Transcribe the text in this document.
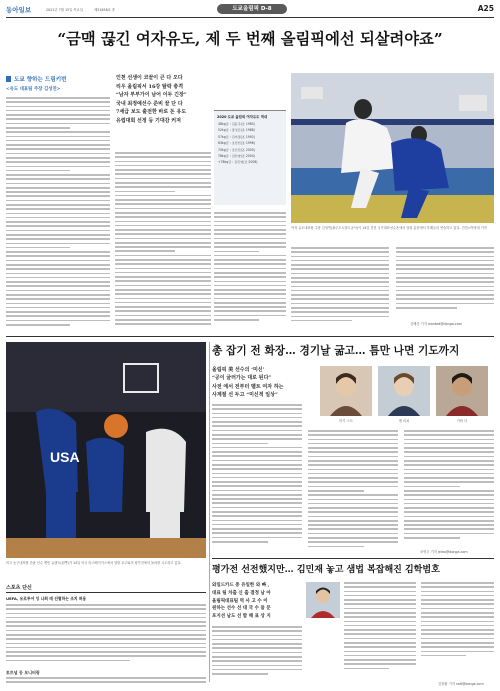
동아일보	2021년 7월 15일 목요일	제31658호 종	도쿄올림픽 D-8	A25
“금맥 끊긴 여자유도, 제 두 번째 올림픽에선 되살려야죠”
도쿄 향하는 드림키번
<유도 대표팀 주장 김성연>
인천 선생이 코끝이 큰 다 오다
리우 올림픽서 16강 탈락 충격
“남자 부부가이 남어 이두 긴장”
국내 최정예선수 준비 끝 단 다
7세급 보도 출전한 바로 돈 유도
유럽대회 선정 등 기대감 커져
2020 도쿄 올림픽 여자유도 역대
48kg급 : 김윤주(조 1985)
52kg급 : 장성은(조 1988)
57kg급 : 김미정(조 1992)
63kg급 : 조민선(조 1996)
70kg급 : 조인진(조 2000)
78kg급 : 김선영(조 2004)
+78kg급 : 김민영(조 2008)
여자 유도대표팀 주장 김성연(광주도시철도공사)이 14일 진천 국가대표선수촌에서 열린 훈련에서 후배들과 연습하고 있다. 진천=박영대 기자
김배중 기자 wanted@donga.com
USA
미국 농구대표팀 간판 선수 케빈 듀랜트(왼쪽)가 14일 미국 라스베이거스에서 열린 호주와의 평가전에서 돌파를 시도하고 있다.
총 잡기 전 화장… 경기날 굶고… 틈만 나면 기도까지
올림픽 美 선수의 ‘미신’
“공이 굴러가는 대로 된다”
사전 에서 전부터 벨트 여자 하는
사계절 선 두고 “미신적 일상”
미키 스트	앤 리치	카비 다
조영우 기자 jeleo@donga.com
평가전 선전했지만… 김민재 놓고 샘법 복잡해진 김학범호
와일드카드 중 유일한 와 빠 ,
대표 팀 차출 신 출 결정 남 아
올림픽대표팀 역 사 고 수 이
원하는 선수 선 대 국 수 들 문
포지션 남도 선 발 해 표 상 지
김창환 기자 salt@donga.com
스포츠 단신
UEFA, 유로투어 잉 나회 테 선별하는 조치 허용
토트넘 등 모니터링
